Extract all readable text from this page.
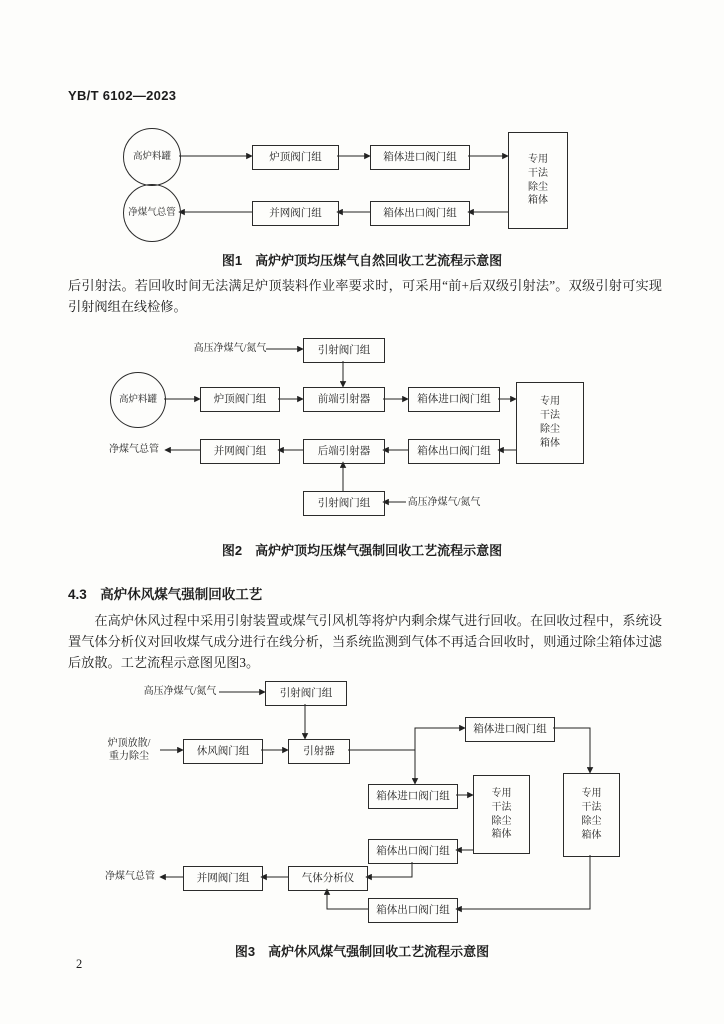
YB/T 6102—2023
高炉料罐	炉顶阀门组	箱体进口阀门组	专用
干法
除尘
箱体
净煤气总管	并网阀门组	箱体出口阀门组
图1　高炉炉顶均压煤气自然回收工艺流程示意图
后引射法。若回收时间无法满足炉顶装料作业率要求时，可采用“前+后双级引射法”。双级引射可实现引射阀组在线检修。
高压净煤气/氮气	引射阀门组
高炉料罐	炉顶阀门组	前端引射器	箱体进口阀门组	专用
干法
除尘
箱体
净煤气总管	并网阀门组	后端引射器	箱体出口阀门组
引射阀门组	高压净煤气/氮气
图2　高炉炉顶均压煤气强制回收工艺流程示意图
4.3　高炉休风煤气强制回收工艺
在高炉休风过程中采用引射装置或煤气引风机等将炉内剩余煤气进行回收。在回收过程中，系统设置气体分析仪对回收煤气成分进行在线分析，当系统监测到气体不再适合回收时，则通过除尘箱体过滤后放散。工艺流程示意图见图3。
高压净煤气/氮气	引射阀门组
炉顶放散/
重力除尘	休风阀门组	引射器
箱体进口阀门组
箱体进口阀门组	专用
干法
除尘
箱体
专用
干法
除尘
箱体
箱体出口阀门组
净煤气总管	并网阀门组	气体分析仪
箱体出口阀门组
图3　高炉休风煤气强制回收工艺流程示意图
2
